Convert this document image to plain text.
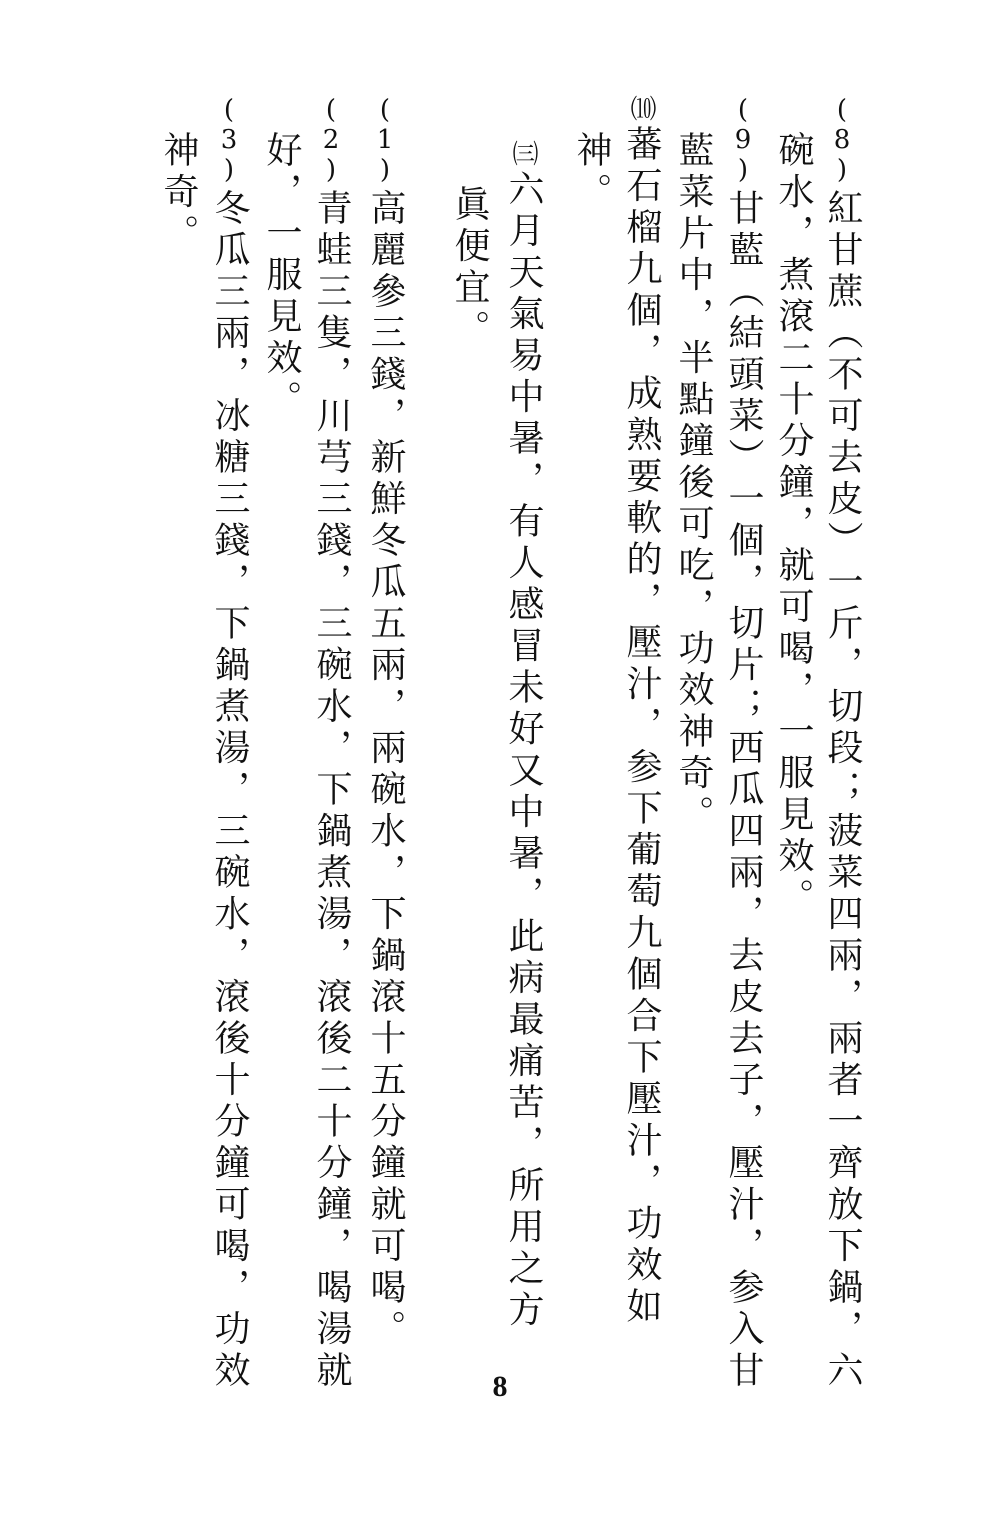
(8)紅甘蔗（不可去皮）一斤，切段；菠菜四兩，兩者一齊放下鍋，六
碗水，煮滾二十分鐘，就可喝，一服見效。
(9)甘藍（結頭菜）一個，切片；西瓜四兩，去皮去子，壓汁，参入甘
藍菜片中，半點鐘後可吃，功效神奇。
⑽蕃石榴九個，成熟要軟的，壓汁，参下葡萄九個合下壓汁，功效如
神。
㈢六月天氣易中暑，有人感冒未好又中暑，此病最痛苦，所用之方
眞便宜。
(1)高麗參三錢，新鮮冬瓜五兩，兩碗水，下鍋滾十五分鐘就可喝。
(2)青蛙三隻，川芎三錢，三碗水，下鍋煮湯，滾後二十分鐘，喝湯就
好，一服見效。
(3)冬瓜三兩，冰糖三錢，下鍋煮湯，三碗水，滾後十分鐘可喝，功效
神奇。
8
